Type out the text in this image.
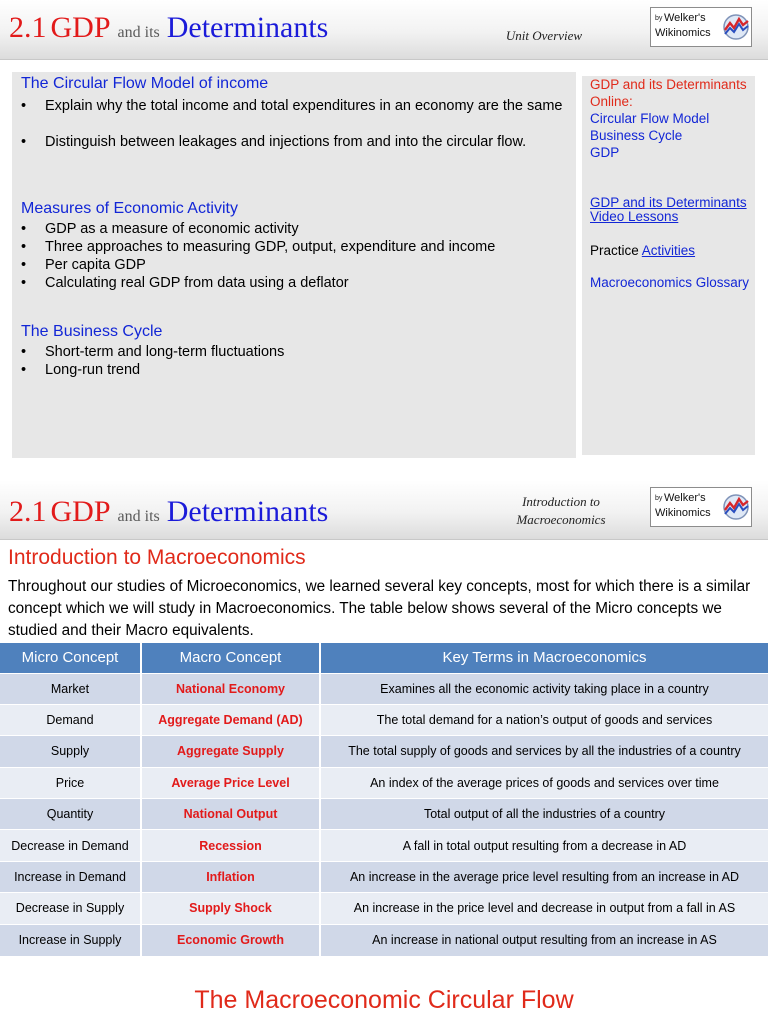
2.1 GDP and its Determinants	Unit Overview
by Welker's
Wikinomics
The Circular Flow Model of income
•	Explain why the total income and total expenditures in an economy are the same
•	Distinguish between leakages and injections from and into the circular flow.
Measures of Economic Activity
•	GDP as a measure of economic activity
•	Three approaches to measuring GDP, output, expenditure and income
•	Per capita GDP
•	Calculating real GDP from data using a deflator
The Business Cycle
•	Short-term and long-term fluctuations
•	Long-run trend
GDP and its Determinants Online:
Circular Flow Model
Business Cycle
GDP
GDP and its Determinants Video Lessons
Practice Activities
Macroeconomics Glossary
2.1 GDP and its Determinants	Introduction to
Macroeconomics
by Welker's
Wikinomics
Introduction to Macroeconomics
Throughout our studies of Microeconomics, we learned several key concepts, most for which there is a similar concept which we will study in Macroeconomics. The table below shows several of the Micro concepts we studied and their Macro equivalents.
Micro Concept	Macro Concept	Key Terms in Macroeconomics
Market	National Economy	Examines all the economic activity taking place in a country
Demand	Aggregate Demand (AD)	The total demand for a nation’s output of goods and services
Supply	Aggregate Supply	The total supply of goods and services by all the industries of a country
Price	Average Price Level	An index of the average prices of goods and services over time
Quantity	National Output	Total output of all the industries of a country
Decrease in Demand	Recession	A fall in total output resulting from a decrease in AD
Increase in Demand	Inflation	An increase in the average price level resulting from an increase in AD
Decrease in Supply	Supply Shock	An increase in the price level and decrease in output from a fall in AS
Increase in Supply	Economic Growth	An increase in national output resulting from an increase in AS
The Macroeconomic Circular Flow
